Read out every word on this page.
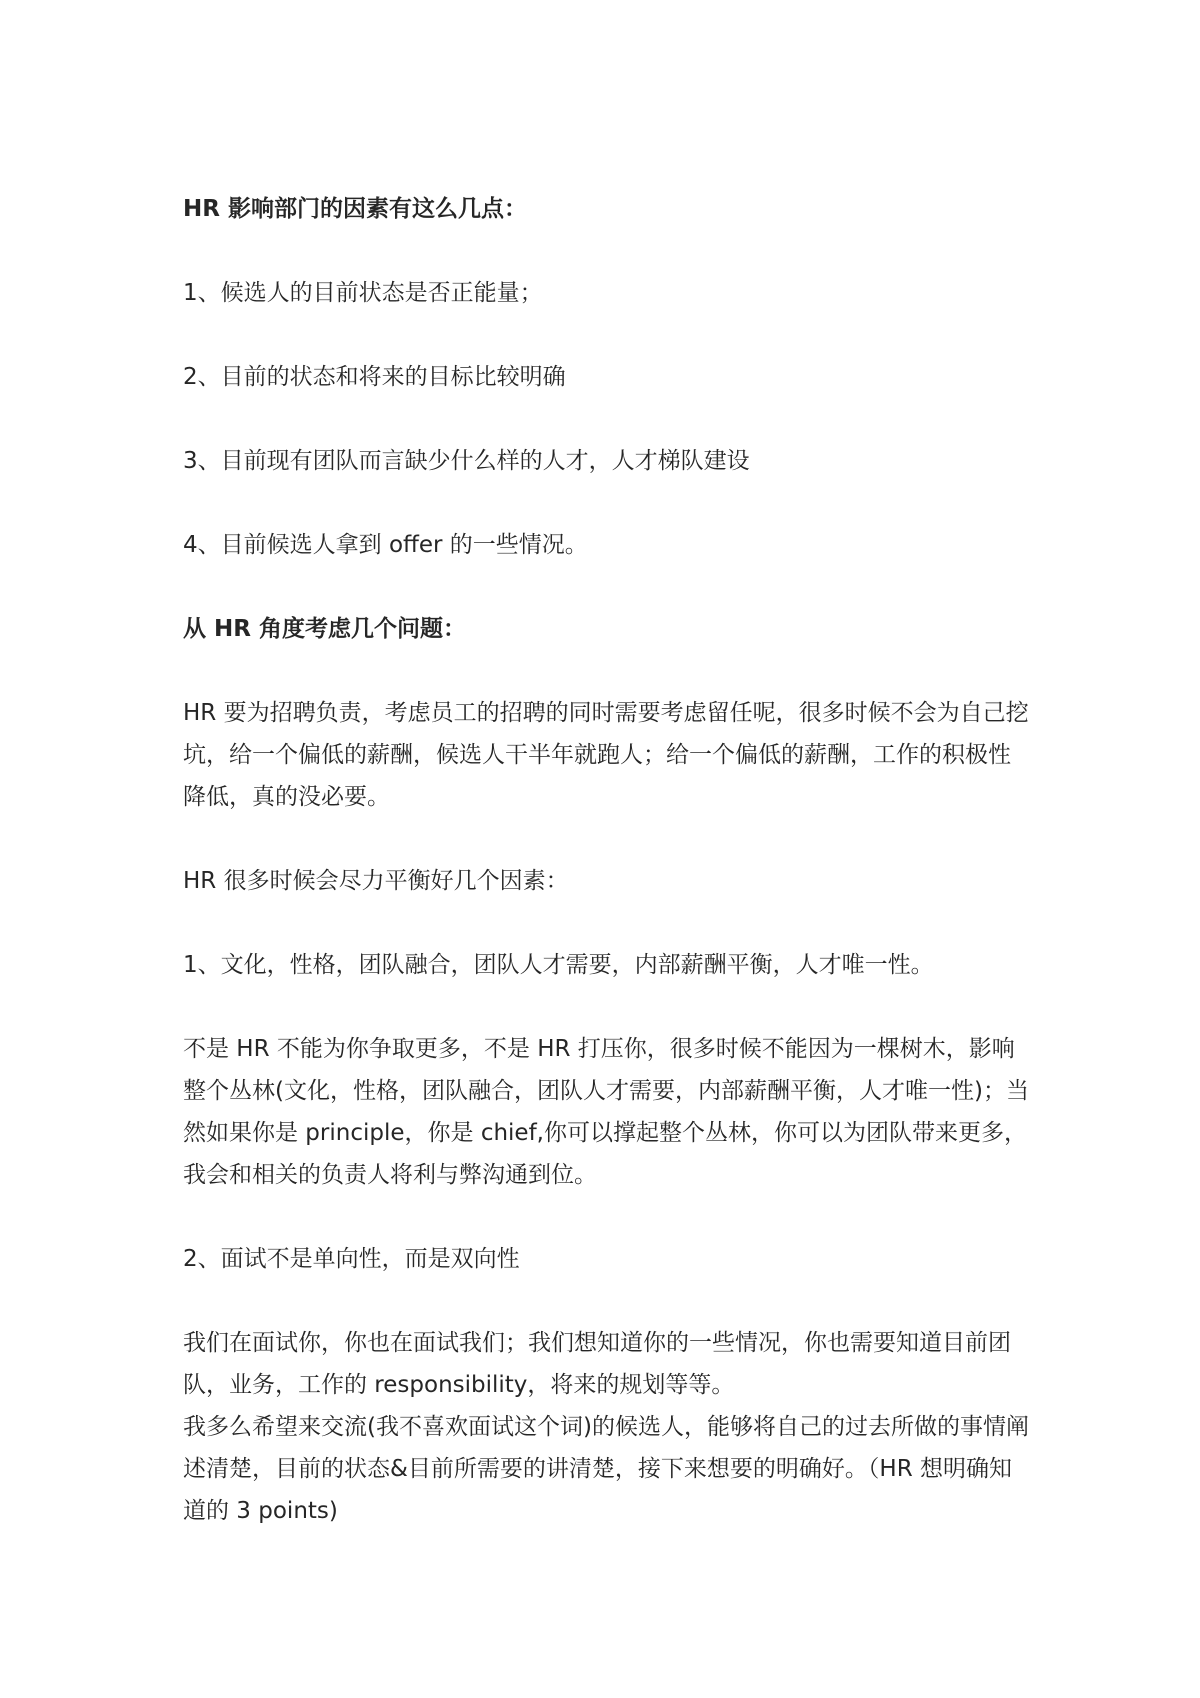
HR 影响部门的因素有这么几点：

1、候选人的目前状态是否正能量；

2、目前的状态和将来的目标比较明确

3、目前现有团队而言缺少什么样的人才，人才梯队建设

4、目前候选人拿到 offer 的一些情况。

从 HR 角度考虑几个问题：

HR 要为招聘负责，考虑员工的招聘的同时需要考虑留任呢，很多时候不会为自己挖坑，给一个偏低的薪酬，候选人干半年就跑人；给一个偏低的薪酬，工作的积极性降低，真的没必要。

HR 很多时候会尽力平衡好几个因素：

1、文化，性格，团队融合，团队人才需要，内部薪酬平衡，人才唯一性。

不是 HR 不能为你争取更多，不是 HR 打压你，很多时候不能因为一棵树木，影响整个丛林(文化，性格，团队融合，团队人才需要，内部薪酬平衡，人才唯一性)；当然如果你是 principle，你是 chief,你可以撑起整个丛林，你可以为团队带来更多，我会和相关的负责人将利与弊沟通到位。

2、面试不是单向性，而是双向性

我们在面试你，你也在面试我们；我们想知道你的一些情况，你也需要知道目前团队，业务，工作的 responsibility，将来的规划等等。

我多么希望来交流(我不喜欢面试这个词)的候选人，能够将自己的过去所做的事情阐述清楚，目前的状态&目前所需要的讲清楚，接下来想要的明确好。（HR 想明确知道的 3 points)
